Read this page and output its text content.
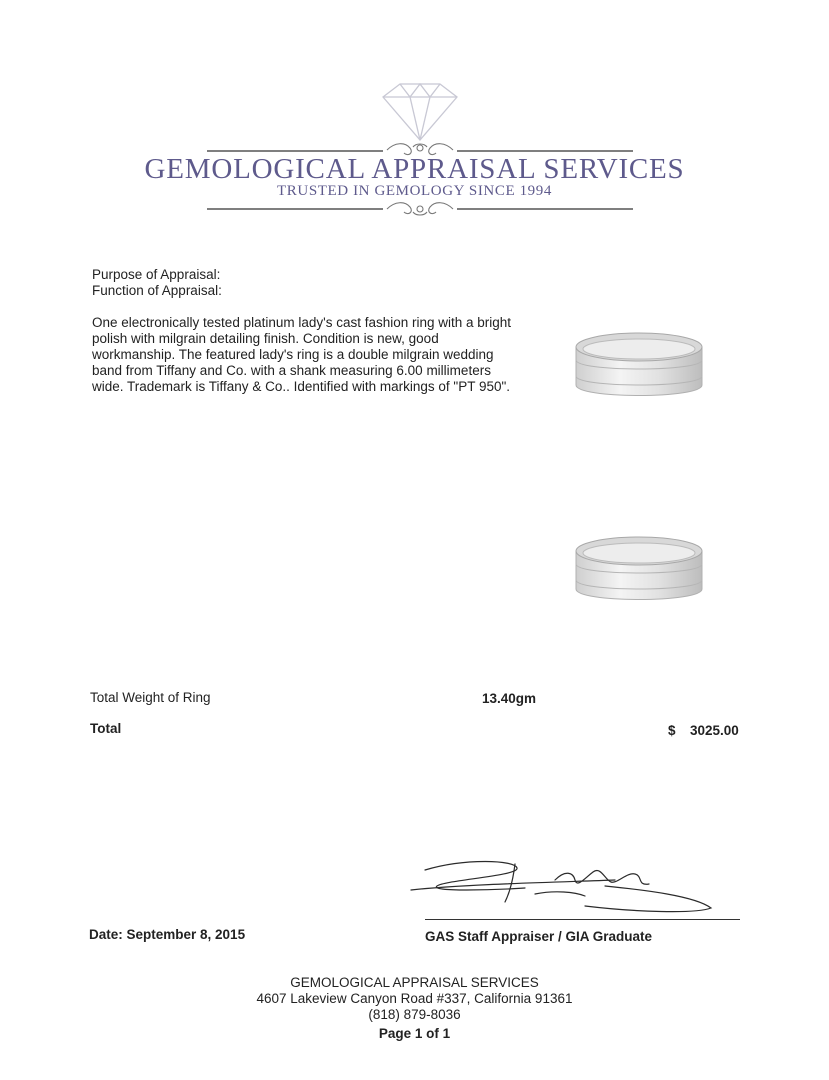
GEMOLOGICAL APPRAISAL SERVICES
TRUSTED IN GEMOLOGY SINCE 1994
Purpose of Appraisal:
Function of Appraisal:
One electronically tested platinum lady's cast fashion ring with a bright polish with milgrain detailing finish. Condition is new, good workmanship. The featured lady's ring is a double milgrain wedding band from Tiffany and Co. with a shank measuring 6.00 millimeters wide. Trademark is Tiffany & Co.. Identified with markings of "PT 950".
Total Weight of Ring	13.40gm
Total	$ 3025.00
Date: September 8, 2015	GAS Staff Appraiser / GIA Graduate
GEMOLOGICAL APPRAISAL SERVICES
4607 Lakeview Canyon Road #337, California 91361
(818) 879-8036
Page 1 of 1
